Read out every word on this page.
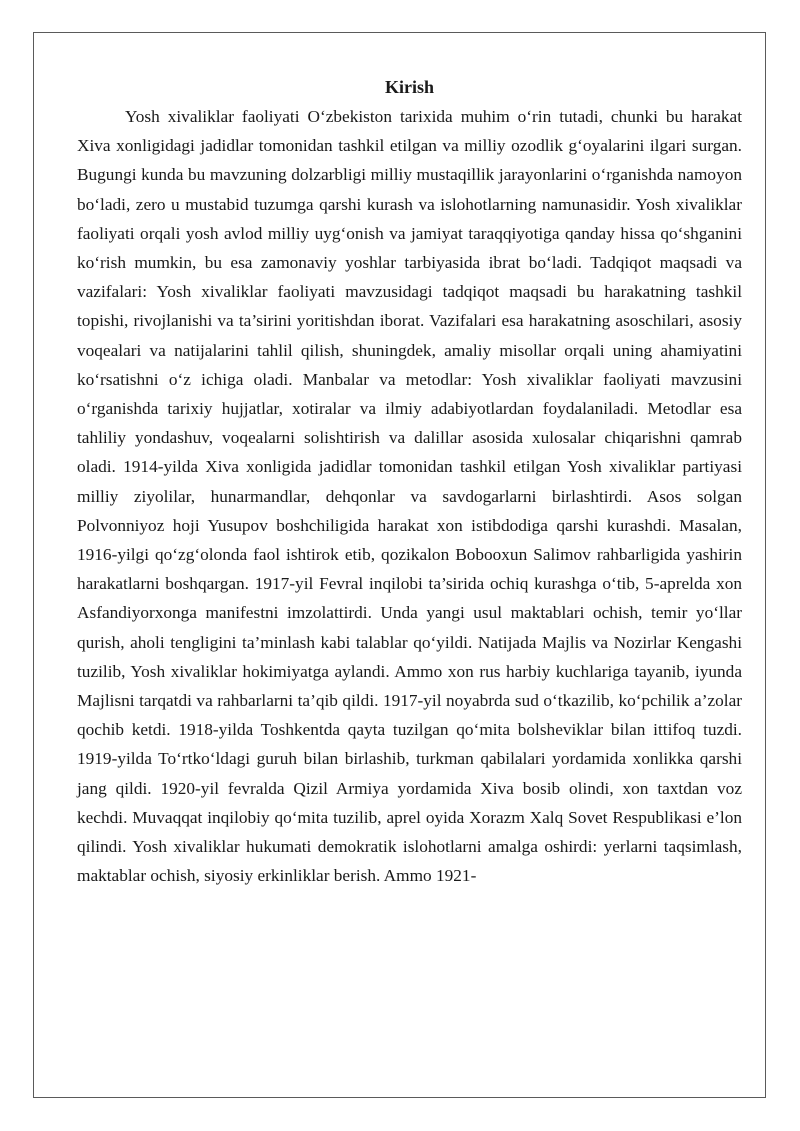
Kirish

Yosh xivaliklar faoliyati O‘zbekiston tarixida muhim o‘rin tutadi, chunki bu harakat Xiva xonligidagi jadidlar tomonidan tashkil etilgan va milliy ozodlik g‘oyalarini ilgari surgan. Bugungi kunda bu mavzuning dolzarbligi milliy mustaqillik jarayonlarini o‘rganishda namoyon bo‘ladi, zero u mustabid tuzumga qarshi kurash va islohotlarning namunasidir. Yosh xivaliklar faoliyati orqali yosh avlod milliy uyg‘onish va jamiyat taraqqiyotiga qanday hissa qo‘shganini ko‘rish mumkin, bu esa zamonaviy yoshlar tarbiyasida ibrat bo‘ladi. Tadqiqot maqsadi va vazifalari: Yosh xivaliklar faoliyati mavzusidagi tadqiqot maqsadi bu harakatning tashkil topishi, rivojlanishi va ta’sirini yoritishdan iborat. Vazifalari esa harakatning asoschilari, asosiy voqealari va natijalarini tahlil qilish, shuningdek, amaliy misollar orqali uning ahamiyatini ko‘rsatishni o‘z ichiga oladi. Manbalar va metodlar: Yosh xivaliklar faoliyati mavzusini o‘rganishda tarixiy hujjatlar, xotiralar va ilmiy adabiyotlardan foydalaniladi. Metodlar esa tahliliy yondashuv, voqealarni solishtirish va dalillar asosida xulosalar chiqarishni qamrab oladi. 1914-yilda Xiva xonligida jadidlar tomonidan tashkil etilgan Yosh xivaliklar partiyasi milliy ziyolilar, hunarmandlar, dehqonlar va savdogarlarni birlashtirdi. Asos solgan Polvonniyoz hoji Yusupov boshchiligida harakat xon istibdodiga qarshi kurashdi. Masalan, 1916-yilgi qo‘zg‘olonda faol ishtirok etib, qozikalon Bobooxun Salimov rahbarligida yashirin harakatlarni boshqargan. 1917-yil Fevral inqilobi ta’sirida ochiq kurashga o‘tib, 5-aprelda xon Asfandiyorxonga manifestni imzolattirdi. Unda yangi usul maktablari ochish, temir yo‘llar qurish, aholi tengligini ta’minlash kabi talablar qo‘yildi. Natijada Majlis va Nozirlar Kengashi tuzilib, Yosh xivaliklar hokimiyatga aylandi. Ammo xon rus harbiy kuchlariga tayanib, iyunda Majlisni tarqatdi va rahbarlarni ta’qib qildi. 1917-yil noyabrda sud o‘tkazilib, ko‘pchilik a’zolar qochib ketdi. 1918-yilda Toshkentda qayta tuzilgan qo‘mita bolsheviklar bilan ittifoq tuzdi. 1919-yilda To‘rtko‘ldagi guruh bilan birlashib, turkman qabilalari yordamida xonlikka qarshi jang qildi. 1920-yil fevralda Qizil Armiya yordamida Xiva bosib olindi, xon taxtdan voz kechdi. Muvaqqat inqilobiy qo‘mita tuzilib, aprel oyida Xorazm Xalq Sovet Respublikasi e’lon qilindi. Yosh xivaliklar hukumati demokratik islohotlarni amalga oshirdi: yerlarni taqsimlash, maktablar ochish, siyosiy erkinliklar berish. Ammo 1921-
